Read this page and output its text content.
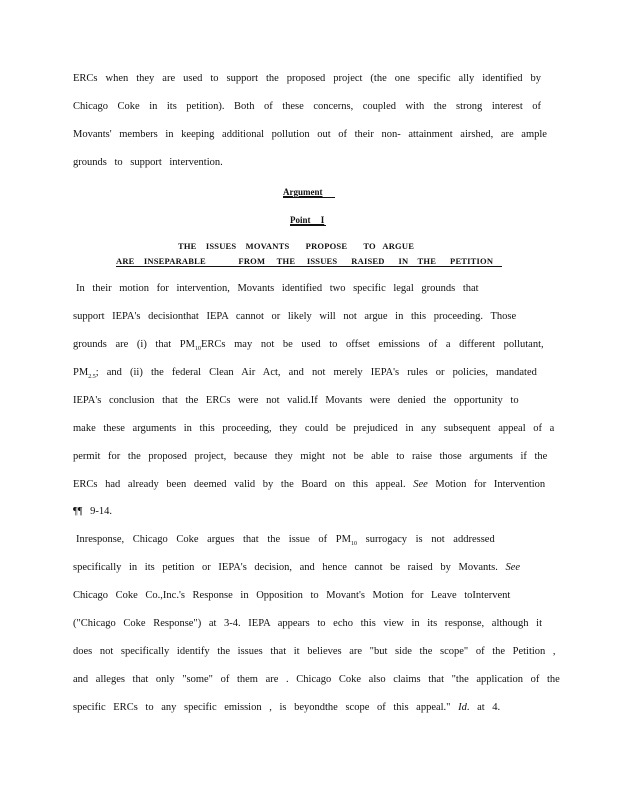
ERCs when they are used to support the proposed project (the one specific ally identified by
Chicago Coke in its petition). Both of these concerns, coupled with the strong interest of
Movants' members in keeping additional pollution out of their non- attainment airshed, are ample
grounds to support intervention.
Argument
Point I
THE    ISSUES    MOVANTS       PROPOSE       TO   ARGUE
ARE    INSEPARABLE              FROM     THE     ISSUES      RAISED      IN    THE      PETITION
In their motion for intervention, Movants identified two specific legal grounds that
support IEPA's decisionthat IEPA cannot or likely will not argue in this proceeding. Those
grounds are (i) that $PM_{10}ERCs$ may not be used to offset emissions of a different pollutant,
$PM_{2.5}$; and (ii) the federal Clean Air Act, and not merely IEPA's rules or policies, mandated
IEPA's conclusion that the ERCs were not valid.If Movants were denied the opportunity to
make these arguments in this proceeding, they could be prejudiced in any subsequent appeal of a
permit for the proposed project, because they might not be able to raise those arguments if the
ERCs had already been deemed valid by the Board on this appeal. See Motion for Intervention
¶¶ 9-14.
Inresponse, Chicago Coke argues that the issue of $PM_{10}$ surrogacy is not addressed
specifically in its petition or IEPA's decision, and hence cannot be raised by Movants. See
Chicago Coke Co.,Inc.'s Response in Opposition to Movant's Motion for Leave toIntervent
("Chicago Coke Response") at 3-4. IEPA appears to echo this view in its response, although it
does not specifically identify the issues that it believes are "but side the scope" of the Petition ,
and alleges that only "some" of them are . Chicago Coke also claims that "the application of the
specific ERCs to any specific emission , is beyondthe scope of this appeal." Id. at 4.
